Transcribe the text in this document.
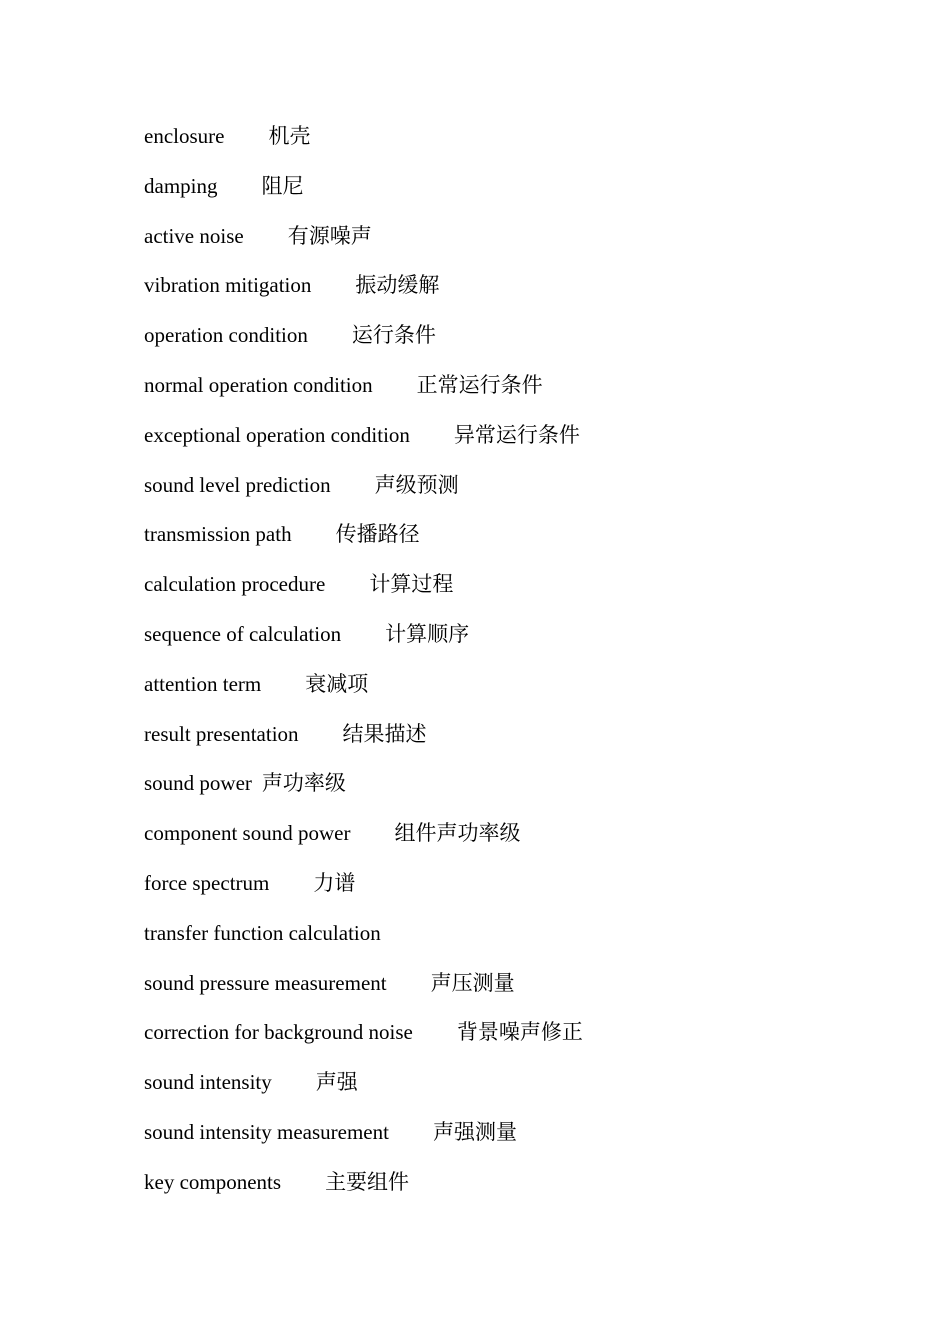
enclosure 机壳
damping 阻尼
active noise 有源噪声
vibration mitigation 振动缓解
operation condition 运行条件
normal operation condition 正常运行条件
exceptional operation condition 异常运行条件
sound level prediction 声级预测
transmission path 传播路径
calculation procedure 计算过程
sequence of calculation 计算顺序
attention term 衰减项
result presentation 结果描述
sound power 声功率级
component sound power 组件声功率级
force spectrum 力谱
transfer function calculation
sound pressure measurement 声压测量
correction for background noise 背景噪声修正
sound intensity 声强
sound intensity measurement 声强测量
key components 主要组件
